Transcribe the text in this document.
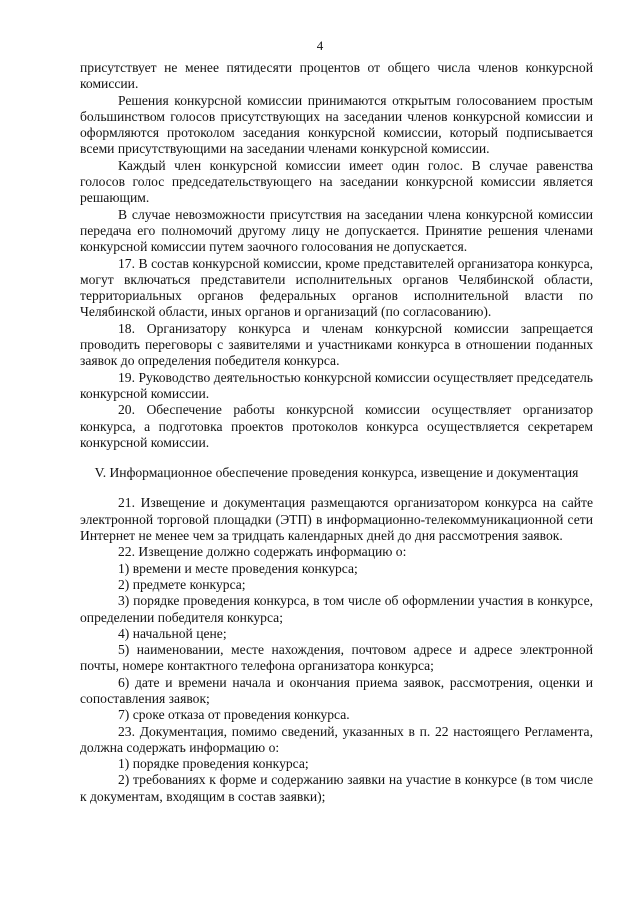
4

присутствует не менее пятидесяти процентов от общего числа членов конкурсной комиссии.

Решения конкурсной комиссии принимаются открытым голосованием простым большинством голосов присутствующих на заседании членов конкурсной комиссии и оформляются протоколом заседания конкурсной комиссии, который подписывается всеми присутствующими на заседании членами конкурсной комиссии.

Каждый член конкурсной комиссии имеет один голос. В случае равенства голосов голос председательствующего на заседании конкурсной комиссии является решающим.

В случае невозможности присутствия на заседании члена конкурсной комиссии передача его полномочий другому лицу не допускается. Принятие решения членами конкурсной комиссии путем заочного голосования не допускается.

17. В состав конкурсной комиссии, кроме представителей организатора конкурса, могут включаться представители исполнительных органов Челябинской области, территориальных органов федеральных органов исполнительной власти по Челябинской области, иных органов и организаций (по согласованию).

18. Организатору конкурса и членам конкурсной комиссии запрещается проводить переговоры с заявителями и участниками конкурса в отношении поданных заявок до определения победителя конкурса.

19. Руководство деятельностью конкурсной комиссии осуществляет председатель конкурсной комиссии.

20. Обеспечение работы конкурсной комиссии осуществляет организатор конкурса, а подготовка проектов протоколов конкурса осуществляется секретарем конкурсной комиссии.

V. Информационное обеспечение проведения конкурса, извещение и документация

21. Извещение и документация размещаются организатором конкурса на сайте электронной торговой площадки (ЭТП) в информационно-телекоммуникационной сети Интернет не менее чем за тридцать календарных дней до дня рассмотрения заявок.

22. Извещение должно содержать информацию о:

1) времени и месте проведения конкурса;

2) предмете конкурса;

3) порядке проведения конкурса, в том числе об оформлении участия в конкурсе, определении победителя конкурса;

4) начальной цене;

5) наименовании, месте нахождения, почтовом адресе и адресе электронной почты, номере контактного телефона организатора конкурса;

6) дате и времени начала и окончания приема заявок, рассмотрения, оценки и сопоставления заявок;

7) сроке отказа от проведения конкурса.

23. Документация, помимо сведений, указанных в п. 22 настоящего Регламента, должна содержать информацию о:

1) порядке проведения конкурса;

2) требованиях к форме и содержанию заявки на участие в конкурсе (в том числе к документам, входящим в состав заявки);
